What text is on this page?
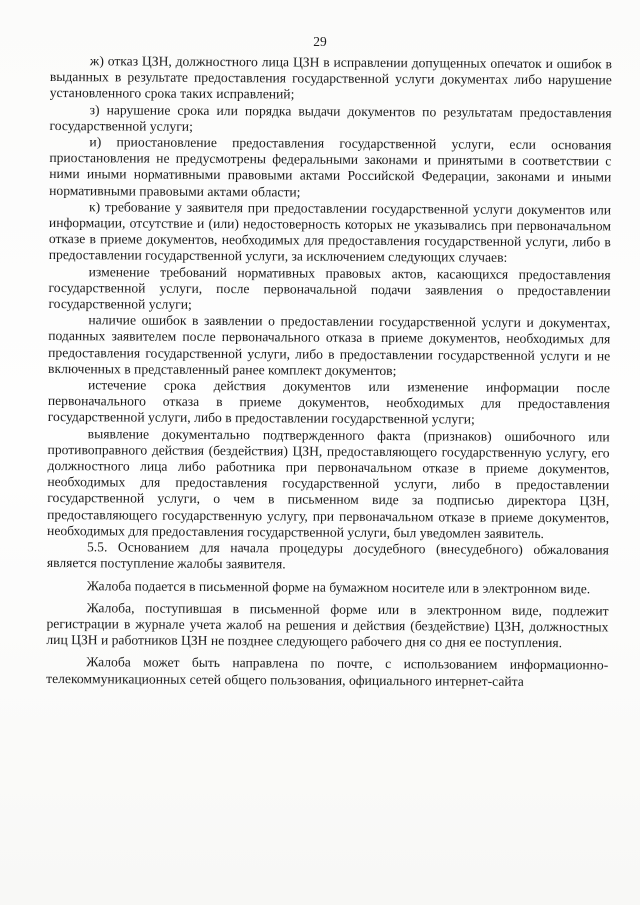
29

ж) отказ ЦЗН, должностного лица ЦЗН в исправлении допущенных опечаток и ошибок в выданных в результате предоставления государственной услуги документах либо нарушение установленного срока таких исправлений;

з) нарушение срока или порядка выдачи документов по результатам предоставления государственной услуги;

и) приостановление предоставления государственной услуги, если основания приостановления не предусмотрены федеральными законами и принятыми в соответствии с ними иными нормативными правовыми актами Российской Федерации, законами и иными нормативными правовыми актами области;

к) требование у заявителя при предоставлении государственной услуги документов или информации, отсутствие и (или) недостоверность которых не указывались при первоначальном отказе в приеме документов, необходимых для предоставления государственной услуги, либо в предоставлении государственной услуги, за исключением следующих случаев:

изменение требований нормативных правовых актов, касающихся предоставления государственной услуги, после первоначальной подачи заявления о предоставлении государственной услуги;

наличие ошибок в заявлении о предоставлении государственной услуги и документах, поданных заявителем после первоначального отказа в приеме документов, необходимых для предоставления государственной услуги, либо в предоставлении государственной услуги и не включенных в представленный ранее комплект документов;

истечение срока действия документов или изменение информации после первоначального отказа в приеме документов, необходимых для предоставления государственной услуги, либо в предоставлении государственной услуги;

выявление документально подтвержденного факта (признаков) ошибочного или противоправного действия (бездействия) ЦЗН, предоставляющего государственную услугу, его должностного лица либо работника при первоначальном отказе в приеме документов, необходимых для предоставления государственной услуги, либо в предоставлении государственной услуги, о чем в письменном виде за подписью директора ЦЗН, предоставляющего государственную услугу, при первоначальном отказе в приеме документов, необходимых для предоставления государственной услуги, был уведомлен заявитель.

5.5. Основанием для начала процедуры досудебного (внесудебного) обжалования является поступление жалобы заявителя.

Жалоба подается в письменной форме на бумажном носителе или в электронном виде.

Жалоба, поступившая в письменной форме или в электронном виде, подлежит регистрации в журнале учета жалоб на решения и действия (бездействие) ЦЗН, должностных лиц ЦЗН и работников ЦЗН не позднее следующего рабочего дня со дня ее поступления.

Жалоба может быть направлена по почте, с использованием информационно-телекоммуникационных сетей общего пользования, официального интернет-сайта
